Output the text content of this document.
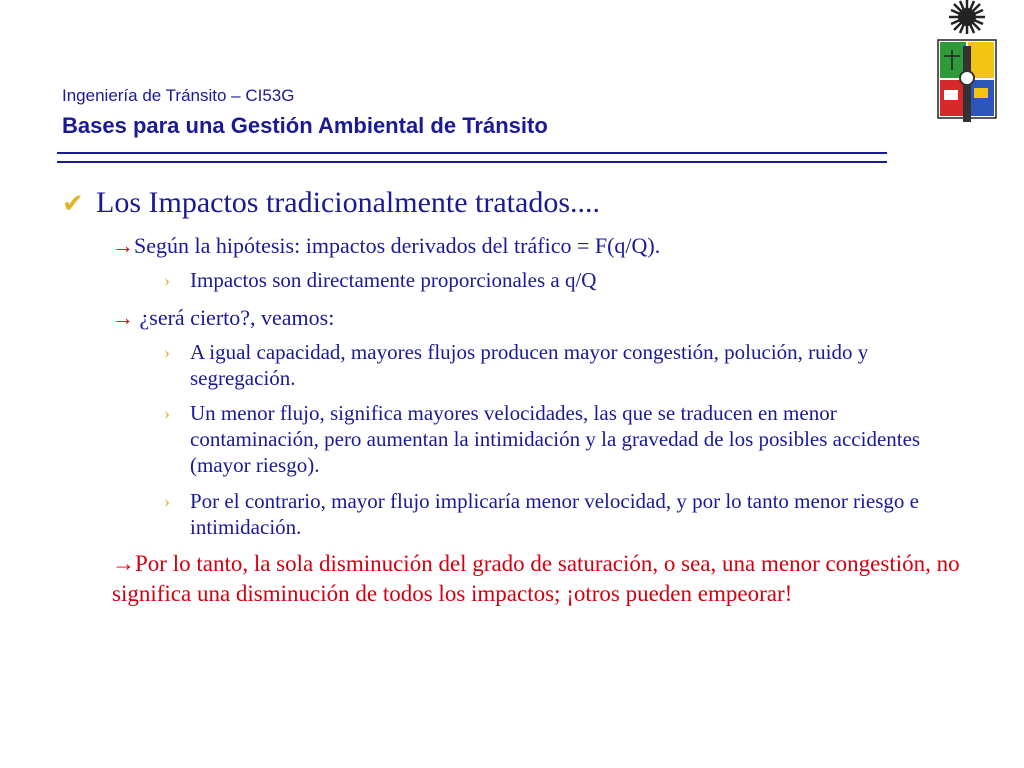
Ingeniería de Tránsito – CI53G
Bases para una Gestión Ambiental de Tránsito
✔ Los Impactos tradicionalmente tratados....
→Según la hipótesis: impactos derivados del tráfico = F(q/Q).
› Impactos son directamente proporcionales a q/Q
→ ¿será cierto?, veamos:
› A igual capacidad, mayores flujos producen mayor congestión, polución, ruido y segregación.
› Un menor flujo, significa mayores velocidades, las que se traducen en menor contaminación, pero aumentan la intimidación y la gravedad de los posibles accidentes (mayor riesgo).
› Por el contrario, mayor flujo implicaría menor velocidad, y por lo tanto menor riesgo e intimidación.
→Por lo tanto, la sola disminución del grado de saturación, o sea, una menor congestión, no significa una disminución de todos los impactos; ¡otros pueden empeorar!
